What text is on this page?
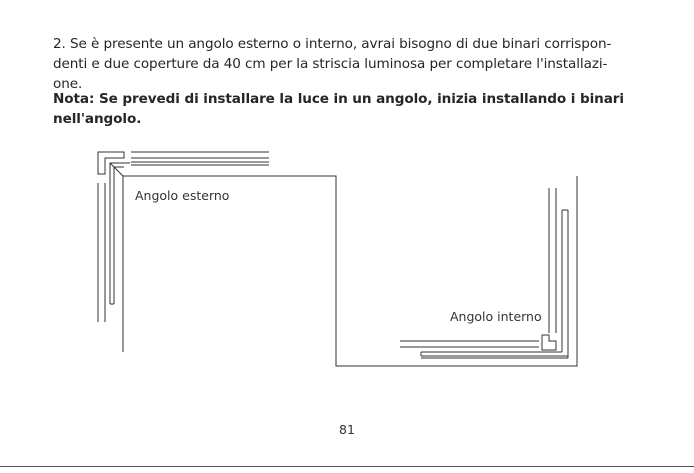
2. Se è presente un angolo esterno o interno, avrai bisogno di due binari corrispon-
denti e due coperture da 40 cm per la striscia luminosa per completare l'installazi-
one.

Nota: Se prevedi di installare la luce in un angolo, inizia installando i binari
nell'angolo.

Angolo esterno
Angolo interno
81
